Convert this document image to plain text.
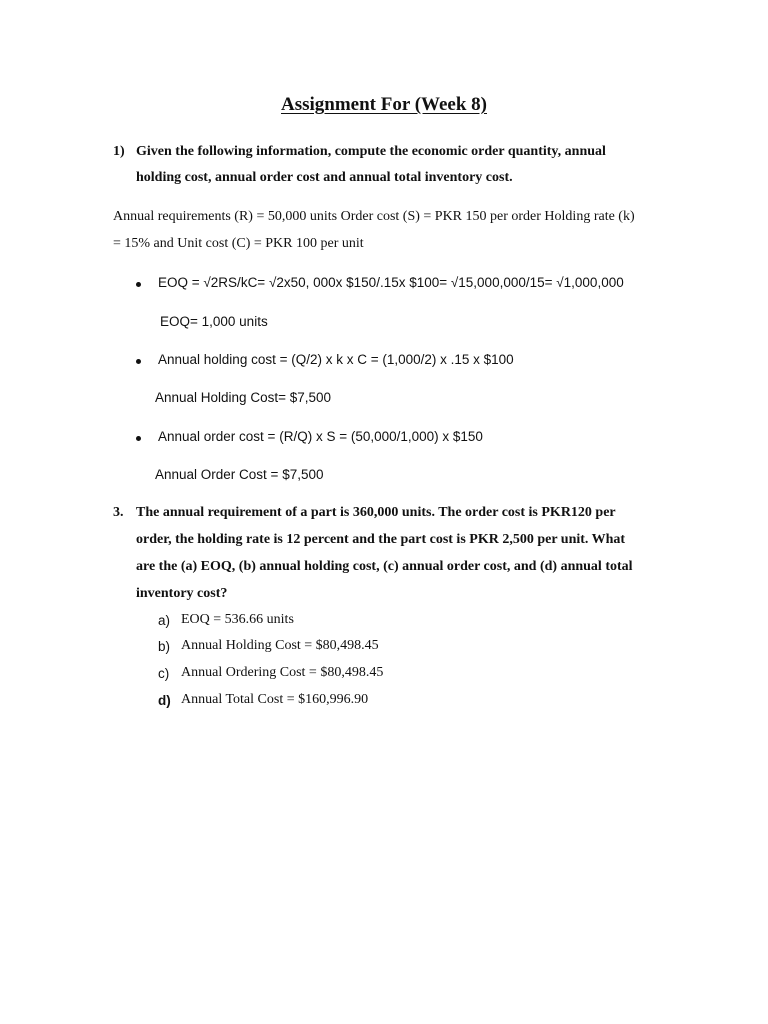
Assignment For (Week 8)
1) Given the following information, compute the economic order quantity, annual
holding cost, annual order cost and annual total inventory cost.
Annual requirements (R) = 50,000 units Order cost (S) = PKR 150 per order Holding rate (k)
= 15% and Unit cost (C) = PKR 100 per unit
EOQ = √2RS/kC= √2x50, 000x $150/.15x $100= √15,000,000/15= √1,000,000
EOQ= 1,000 units
Annual holding cost = (Q/2) x k x C = (1,000/2) x .15 x $100
Annual Holding Cost= $7,500
Annual order cost = (R/Q) x S = (50,000/1,000) x $150
Annual Order Cost = $7,500
3. The annual requirement of a part is 360,000 units. The order cost is PKR120 per
order, the holding rate is 12 percent and the part cost is PKR 2,500 per unit. What
are the (a) EOQ, (b) annual holding cost, (c) annual order cost, and (d) annual total
inventory cost?
a) EOQ = 536.66 units
b) Annual Holding Cost = $80,498.45
c) Annual Ordering Cost = $80,498.45
d) Annual Total Cost = $160,996.90
